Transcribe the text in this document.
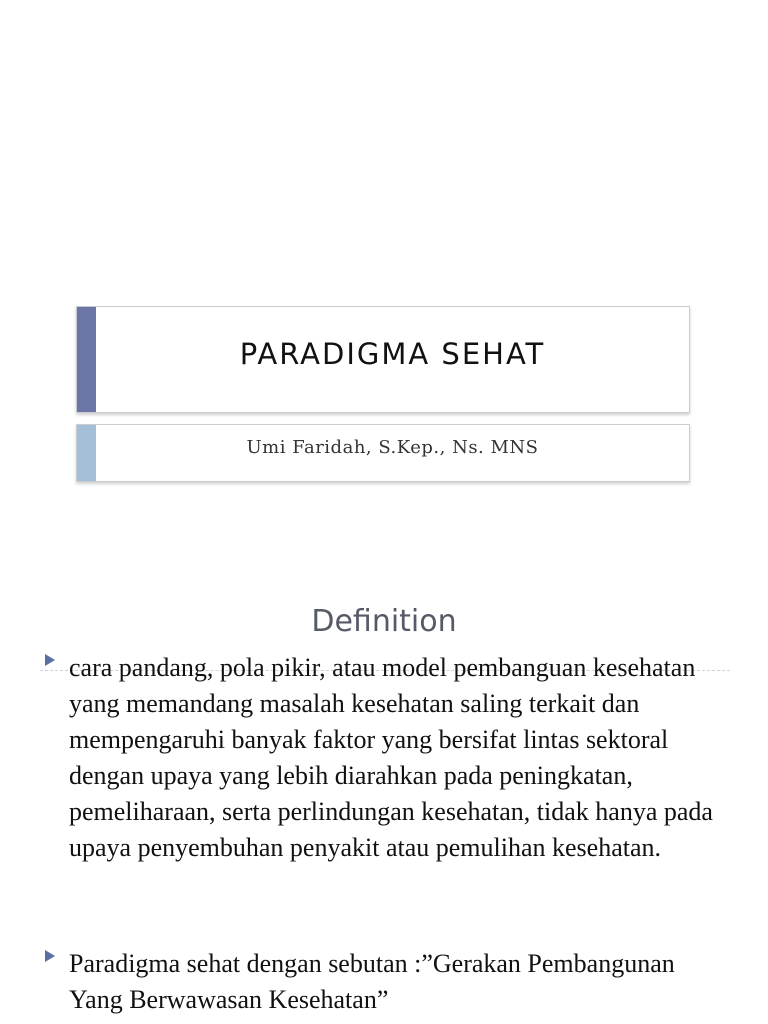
PARADIGMA SEHAT
Umi Faridah, S.Kep., Ns. MNS
Definition
cara pandang, pola pikir, atau model pembanguan kesehatan yang memandang masalah kesehatan saling terkait dan mempengaruhi banyak faktor yang bersifat lintas sektoral dengan upaya yang lebih diarahkan pada peningkatan, pemeliharaan, serta perlindungan kesehatan, tidak hanya pada upaya penyembuhan penyakit atau pemulihan kesehatan.
Paradigma sehat dengan sebutan :”Gerakan Pembangunan Yang Berwawasan Kesehatan”
